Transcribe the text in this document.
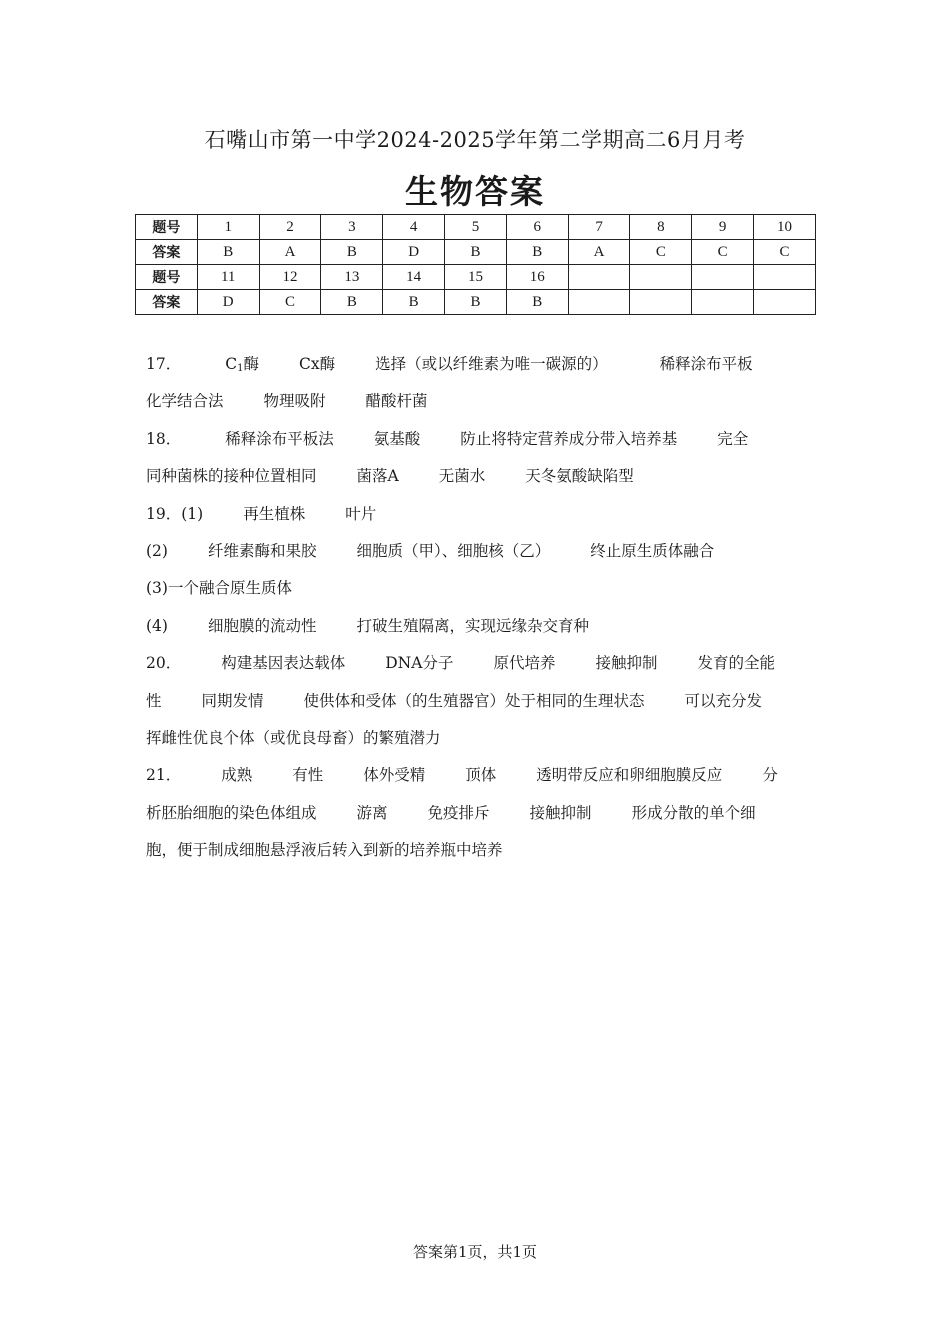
石嘴山市第一中学2024-2025学年第二学期高二6月月考
生物答案
题号	1	2	3	4	5	6	7	8	9	10
答案	B	A	B	D	B	B	A	C	C	C
题号	11	12	13	14	15	16				
答案	D	C	B	B	B	B				
17．	$C_1$酶	Cx酶	选择（或以纤维素为唯一碳源的）	稀释涂布平板
化学结合法	物理吸附	醋酸杆菌
18．	稀释涂布平板法	氨基酸	防止将特定营养成分带入培养基	完全
同种菌株的接种位置相同	菌落A	无菌水	天冬氨酸缺陷型
19．(1)	再生植株	叶片
(2)	纤维素酶和果胶	细胞质（甲）、细胞核（乙）	终止原生质体融合
(3)一个融合原生质体
(4)	细胞膜的流动性	打破生殖隔离，实现远缘杂交育种
20．	构建基因表达载体	DNA分子	原代培养	接触抑制	发育的全能
性	同期发情	使供体和受体（的生殖器官）处于相同的生理状态	可以充分发
挥雌性优良个体（或优良母畜）的繁殖潜力
21．	成熟	有性	体外受精	顶体	透明带反应和卵细胞膜反应	分
析胚胎细胞的染色体组成	游离	免疫排斥	接触抑制	形成分散的单个细
胞，便于制成细胞悬浮液后转入到新的培养瓶中培养
答案第1页，共1页
